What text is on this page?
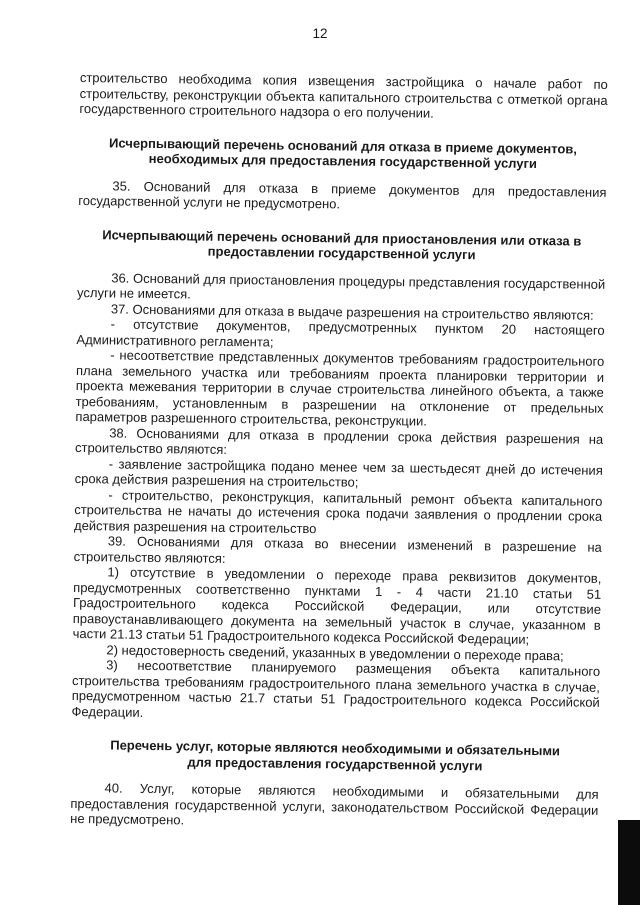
12

строительство необходима копия извещения застройщика о начале работ по строительству, реконструкции объекта капитального строительства с отметкой органа государственного строительного надзора о его получении.

Исчерпывающий перечень оснований для отказа в приеме документов,
необходимых для предоставления государственной услуги

35. Оснований для отказа в приеме документов для предоставления государственной услуги не предусмотрено.

Исчерпывающий перечень оснований для приостановления или отказа в
предоставлении государственной услуги

36. Оснований для приостановления процедуры представления государственной услуги не имеется.

37. Основаниями для отказа в выдаче разрешения на строительство являются:

- отсутствие документов, предусмотренных пунктом 20 настоящего Административного регламента;

- несоответствие представленных документов требованиям градостроительного плана земельного участка или требованиям проекта планировки территории и проекта межевания территории в случае строительства линейного объекта, а также требованиям, установленным в разрешении на отклонение от предельных параметров разрешенного строительства, реконструкции.

38. Основаниями для отказа в продлении срока действия разрешения на строительство являются:

- заявление застройщика подано менее чем за шестьдесят дней до истечения срока действия разрешения на строительство;

- строительство, реконструкция, капитальный ремонт объекта капитального строительства не начаты до истечения срока подачи заявления о продлении срока действия разрешения на строительство

39. Основаниями для отказа во внесении изменений в разрешение на строительство являются:

1) отсутствие в уведомлении о переходе права реквизитов документов, предусмотренных соответственно пунктами 1 - 4 части 21.10 статьи 51 Градостроительного кодекса Российской Федерации, или отсутствие правоустанавливающего документа на земельный участок в случае, указанном в части 21.13 статьи 51 Градостроительного кодекса Российской Федерации;

2) недостоверность сведений, указанных в уведомлении о переходе права;

3) несоответствие планируемого размещения объекта капитального строительства требованиям градостроительного плана земельного участка в случае, предусмотренном частью 21.7 статьи 51 Градостроительного кодекса Российской Федерации.

Перечень услуг, которые являются необходимыми и обязательными
для предоставления государственной услуги

40. Услуг, которые являются необходимыми и обязательными для предоставления государственной услуги, законодательством Российской Федерации не предусмотрено.
